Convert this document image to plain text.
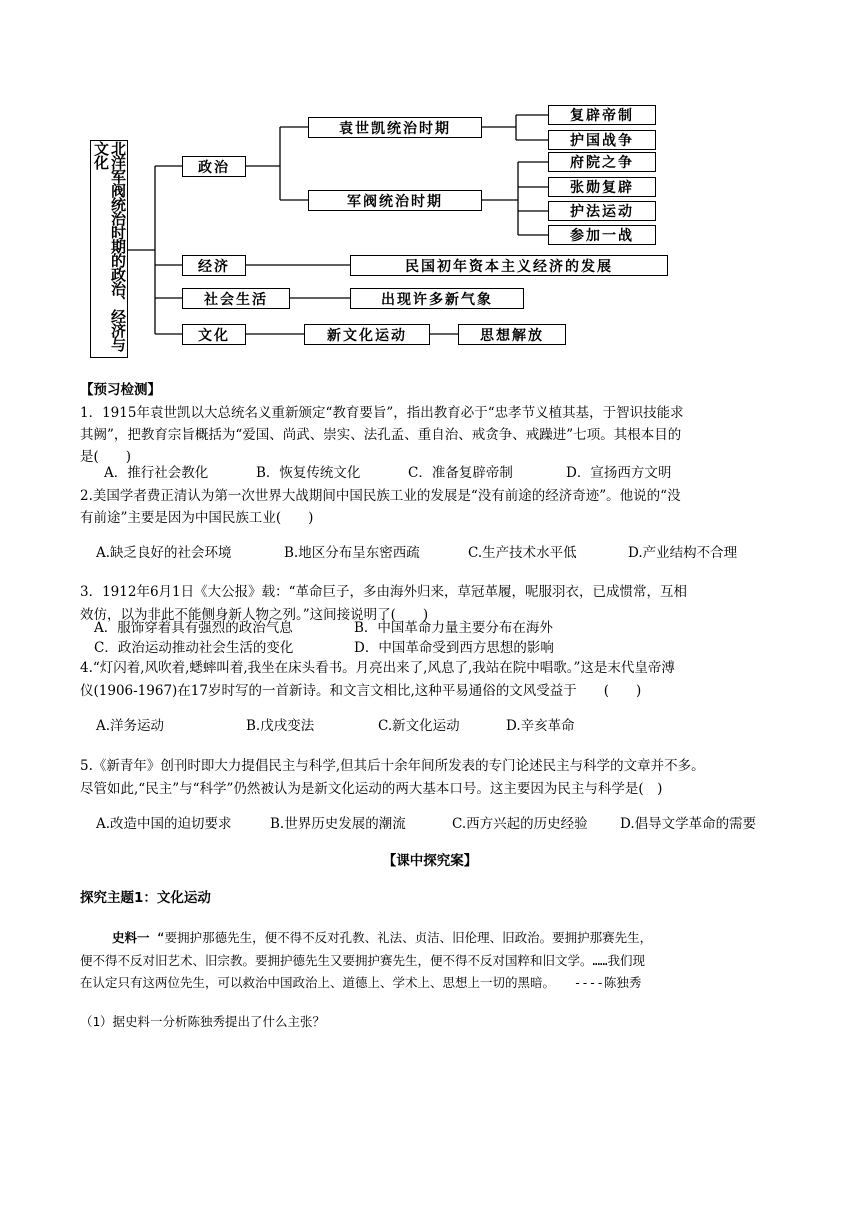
北洋军阀统治时期的政治、经济与文化	政治
袁世凯统治时期
复辟帝制
护国战争
军阀统治时期
府院之争
张勋复辟
护法运动
参加一战
经济	民国初年资本主义经济的发展
社会生活	出现许多新气象
文化	新文化运动	思想解放
【预习检测】
1．1915年袁世凯以大总统名义重新颁定“教育要旨”，指出教育必于“忠孝节义植其基，于智识技能求
其阙”，把教育宗旨概括为“爱国、尚武、崇实、法孔孟、重自治、戒贪争、戒躁进”七项。其根本目的
是(　　)
A．推行社会教化	B．恢复传统文化	C．准备复辟帝制	D．宣扬西方文明
2.美国学者费正清认为第一次世界大战期间中国民族工业的发展是“没有前途的经济奇迹”。他说的“没
有前途”主要是因为中国民族工业(　　)
A.缺乏良好的社会环境	B.地区分布呈东密西疏	C.生产技术水平低	D.产业结构不合理
3．1912年6月1日《大公报》载：“革命巨子，多由海外归来，草冠革履，呢服羽衣，已成惯常，互相
效仿，以为非此不能侧身新人物之列。”这间接说明了(　　)
A．服饰穿着具有强烈的政治气息	B．中国革命力量主要分布在海外
C．政治运动推动社会生活的变化	D．中国革命受到西方思想的影响
4.“灯闪着,风吹着,蟋蟀叫着,我坐在床头看书。月亮出来了,风息了,我站在院中唱歌。”这是末代皇帝溥
仪(1906-1967)在17岁时写的一首新诗。和文言文相比,这种平易通俗的文风受益于　　(　　)
A.洋务运动	B.戊戌变法	C.新文化运动	D.辛亥革命
5.《新青年》创刊时即大力提倡民主与科学,但其后十余年间所发表的专门论述民主与科学的文章并不多。
尽管如此,“民主”与“科学”仍然被认为是新文化运动的两大基本口号。这主要因为民主与科学是(　)
A.改造中国的迫切要求	B.世界历史发展的潮流	C.西方兴起的历史经验 D.倡导文学革命的需要
【课中探究案】
探究主题1：文化运动
史料一 “要拥护那德先生，便不得不反对孔教、礼法、贞洁、旧伦理、旧政治。要拥护那赛先生，
便不得不反对旧艺术、旧宗教。要拥护德先生又要拥护赛先生，便不得不反对国粹和旧文学。……我们现
在认定只有这两位先生，可以救治中国政治上、道德上、学术上、思想上一切的黑暗。　　----陈独秀
（1）据史料一分析陈独秀提出了什么主张？
